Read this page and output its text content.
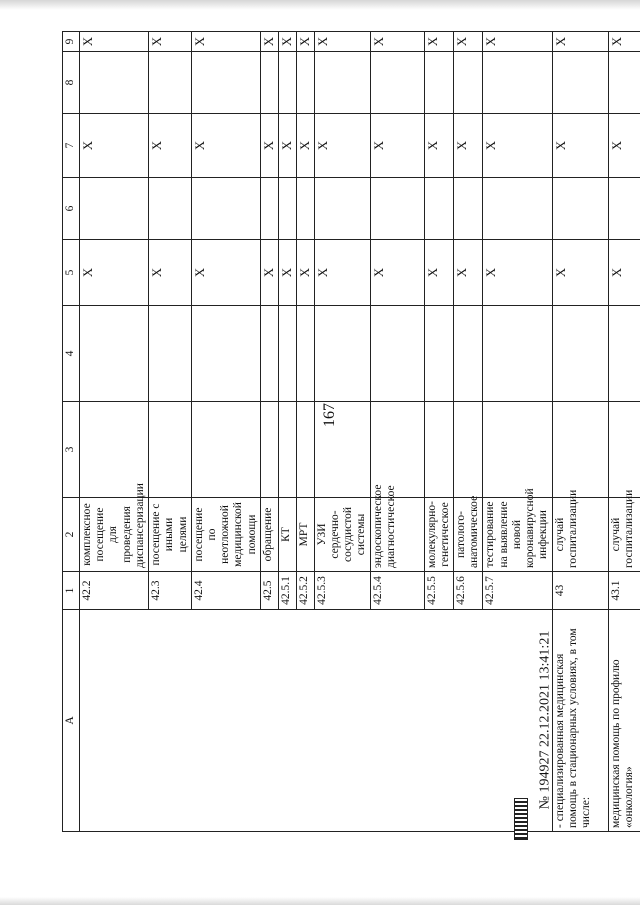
167
А	1	2	3	4	5	6	7	8	9
	42.2	комплексное посещение для проведения диспансеризации			X		X		X
	42.3	посещение с иными целями			X		X		X
	42.4	посещение по неотложной медицинской помощи			X		X		X
	42.5	обращение			X		X		X
	42.5.1	КТ			X		X		X
	42.5.2	МРТ			X		X		X
	42.5.3	УЗИ сердечно-сосудистой системы			X		X		X
	42.5.4	эндоскопическое диагностическое			X		X		X
	42.5.5	молекулярно-генетическое			X		X		X
	42.5.6	патолого-анатомическое			X		X		X
	42.5.7	тестирование на выявление новой коронавирусной инфекции			X		X		X
- специализированная медицинская помощь в стационарных условиях, в том числе:	43	случай госпитализации			X		X		X
медицинская помощь по профилю «онкология»	43.1	случай госпитализации			X		X		X
№ 194927 22.12.2021 13:41:21
